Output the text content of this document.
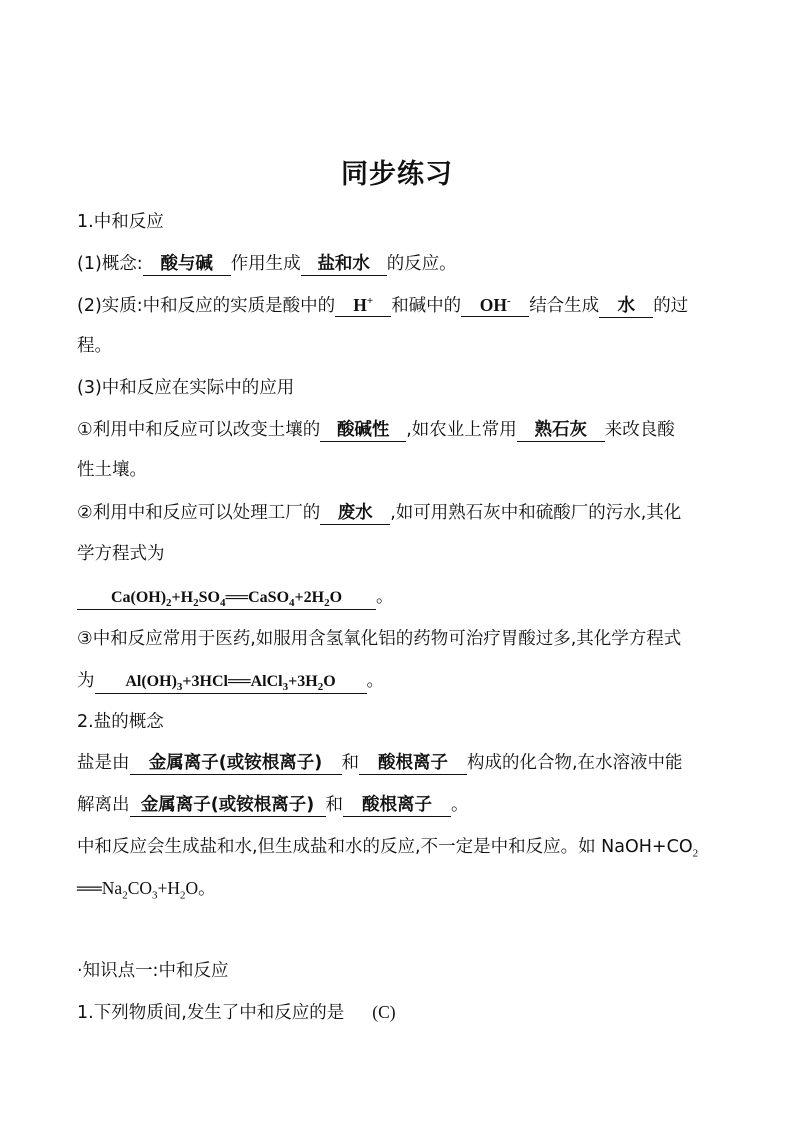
同步练习
1.中和反应
(1)概念: 酸与碱 作用生成 盐和水 的反应。
(2)实质:中和反应的实质是酸中的 H+ 和碱中的 OH- 结合生成 水 的过
程。
(3)中和反应在实际中的应用
①利用中和反应可以改变土壤的 酸碱性 ,如农业上常用 熟石灰 来改良酸
性土壤。
②利用中和反应可以处理工厂的 废水 ,如可用熟石灰中和硫酸厂的污水,其化
学方程式为
$Ca(OH)_2+H_2SO_4══CaSO_4+2H_2O$ 。
③中和反应常用于医药,如服用含氢氧化铝的药物可治疗胃酸过多,其化学方程式
为 $Al(OH)_3+3HCl══AlCl_3+3H_2O$ 。
2.盐的概念
盐是由 金属离子(或铵根离子) 和 酸根离子 构成的化合物,在水溶液中能
解离出 金属离子(或铵根离子) 和 酸根离子 。
中和反应会生成盐和水,但生成盐和水的反应,不一定是中和反应。如 $NaOH+CO_2$
$══Na_2CO_3+H_2O$。
·知识点一:中和反应
1.下列物质间,发生了中和反应的是 (C)
